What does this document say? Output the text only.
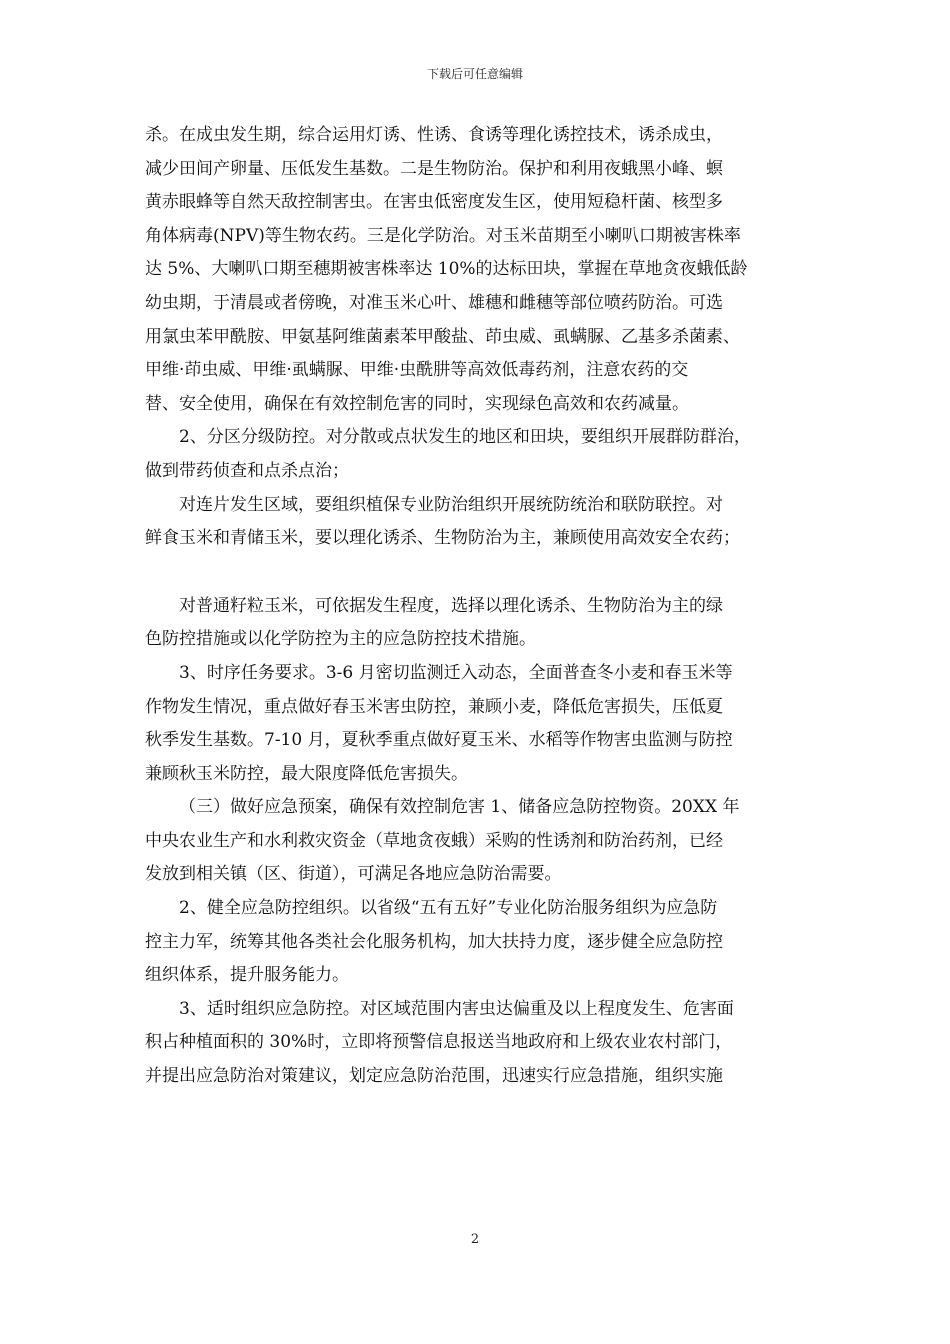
下载后可任意编辑
杀。在成虫发生期，综合运用灯诱、性诱、食诱等理化诱控技术，诱杀成虫，
减少田间产卵量、压低发生基数。二是生物防治。保护和利用夜蛾黑小峰、螟
黄赤眼蜂等自然天敌控制害虫。在害虫低密度发生区，使用短稳杆菌、核型多
角体病毒(NPV)等生物农药。三是化学防治。对玉米苗期至小喇叭口期被害株率
达 5%、大喇叭口期至穗期被害株率达 10%的达标田块，掌握在草地贪夜蛾低龄
幼虫期，于清晨或者傍晚，对准玉米心叶、雄穗和雌穗等部位喷药防治。可选
用氯虫苯甲酰胺、甲氨基阿维菌素苯甲酸盐、茚虫威、虱螨脲、乙基多杀菌素、
甲维·茚虫威、甲维·虱螨脲、甲维·虫酰肼等高效低毒药剂，注意农药的交
替、安全使用，确保在有效控制危害的同时，实现绿色高效和农药减量。
2、分区分级防控。对分散或点状发生的地区和田块，要组织开展群防群治，
做到带药侦查和点杀点治；
对连片发生区域，要组织植保专业防治组织开展统防统治和联防联控。对
鲜食玉米和青储玉米，要以理化诱杀、生物防治为主，兼顾使用高效安全农药；
对普通籽粒玉米，可依据发生程度，选择以理化诱杀、生物防治为主的绿
色防控措施或以化学防控为主的应急防控技术措施。
3、时序任务要求。3-6 月密切监测迁入动态，全面普查冬小麦和春玉米等
作物发生情况，重点做好春玉米害虫防控，兼顾小麦，降低危害损失，压低夏
秋季发生基数。7-10 月，夏秋季重点做好夏玉米、水稻等作物害虫监测与防控
兼顾秋玉米防控，最大限度降低危害损失。
（三）做好应急预案，确保有效控制危害 1、储备应急防控物资。20XX 年
中央农业生产和水利救灾资金（草地贪夜蛾）采购的性诱剂和防治药剂，已经
发放到相关镇（区、街道），可满足各地应急防治需要。
2、健全应急防控组织。以省级“五有五好”专业化防治服务组织为应急防
控主力军，统筹其他各类社会化服务机构，加大扶持力度，逐步健全应急防控
组织体系，提升服务能力。
3、适时组织应急防控。对区域范围内害虫达偏重及以上程度发生、危害面
积占种植面积的 30%时，立即将预警信息报送当地政府和上级农业农村部门，
并提出应急防治对策建议，划定应急防治范围，迅速实行应急措施，组织实施
2
